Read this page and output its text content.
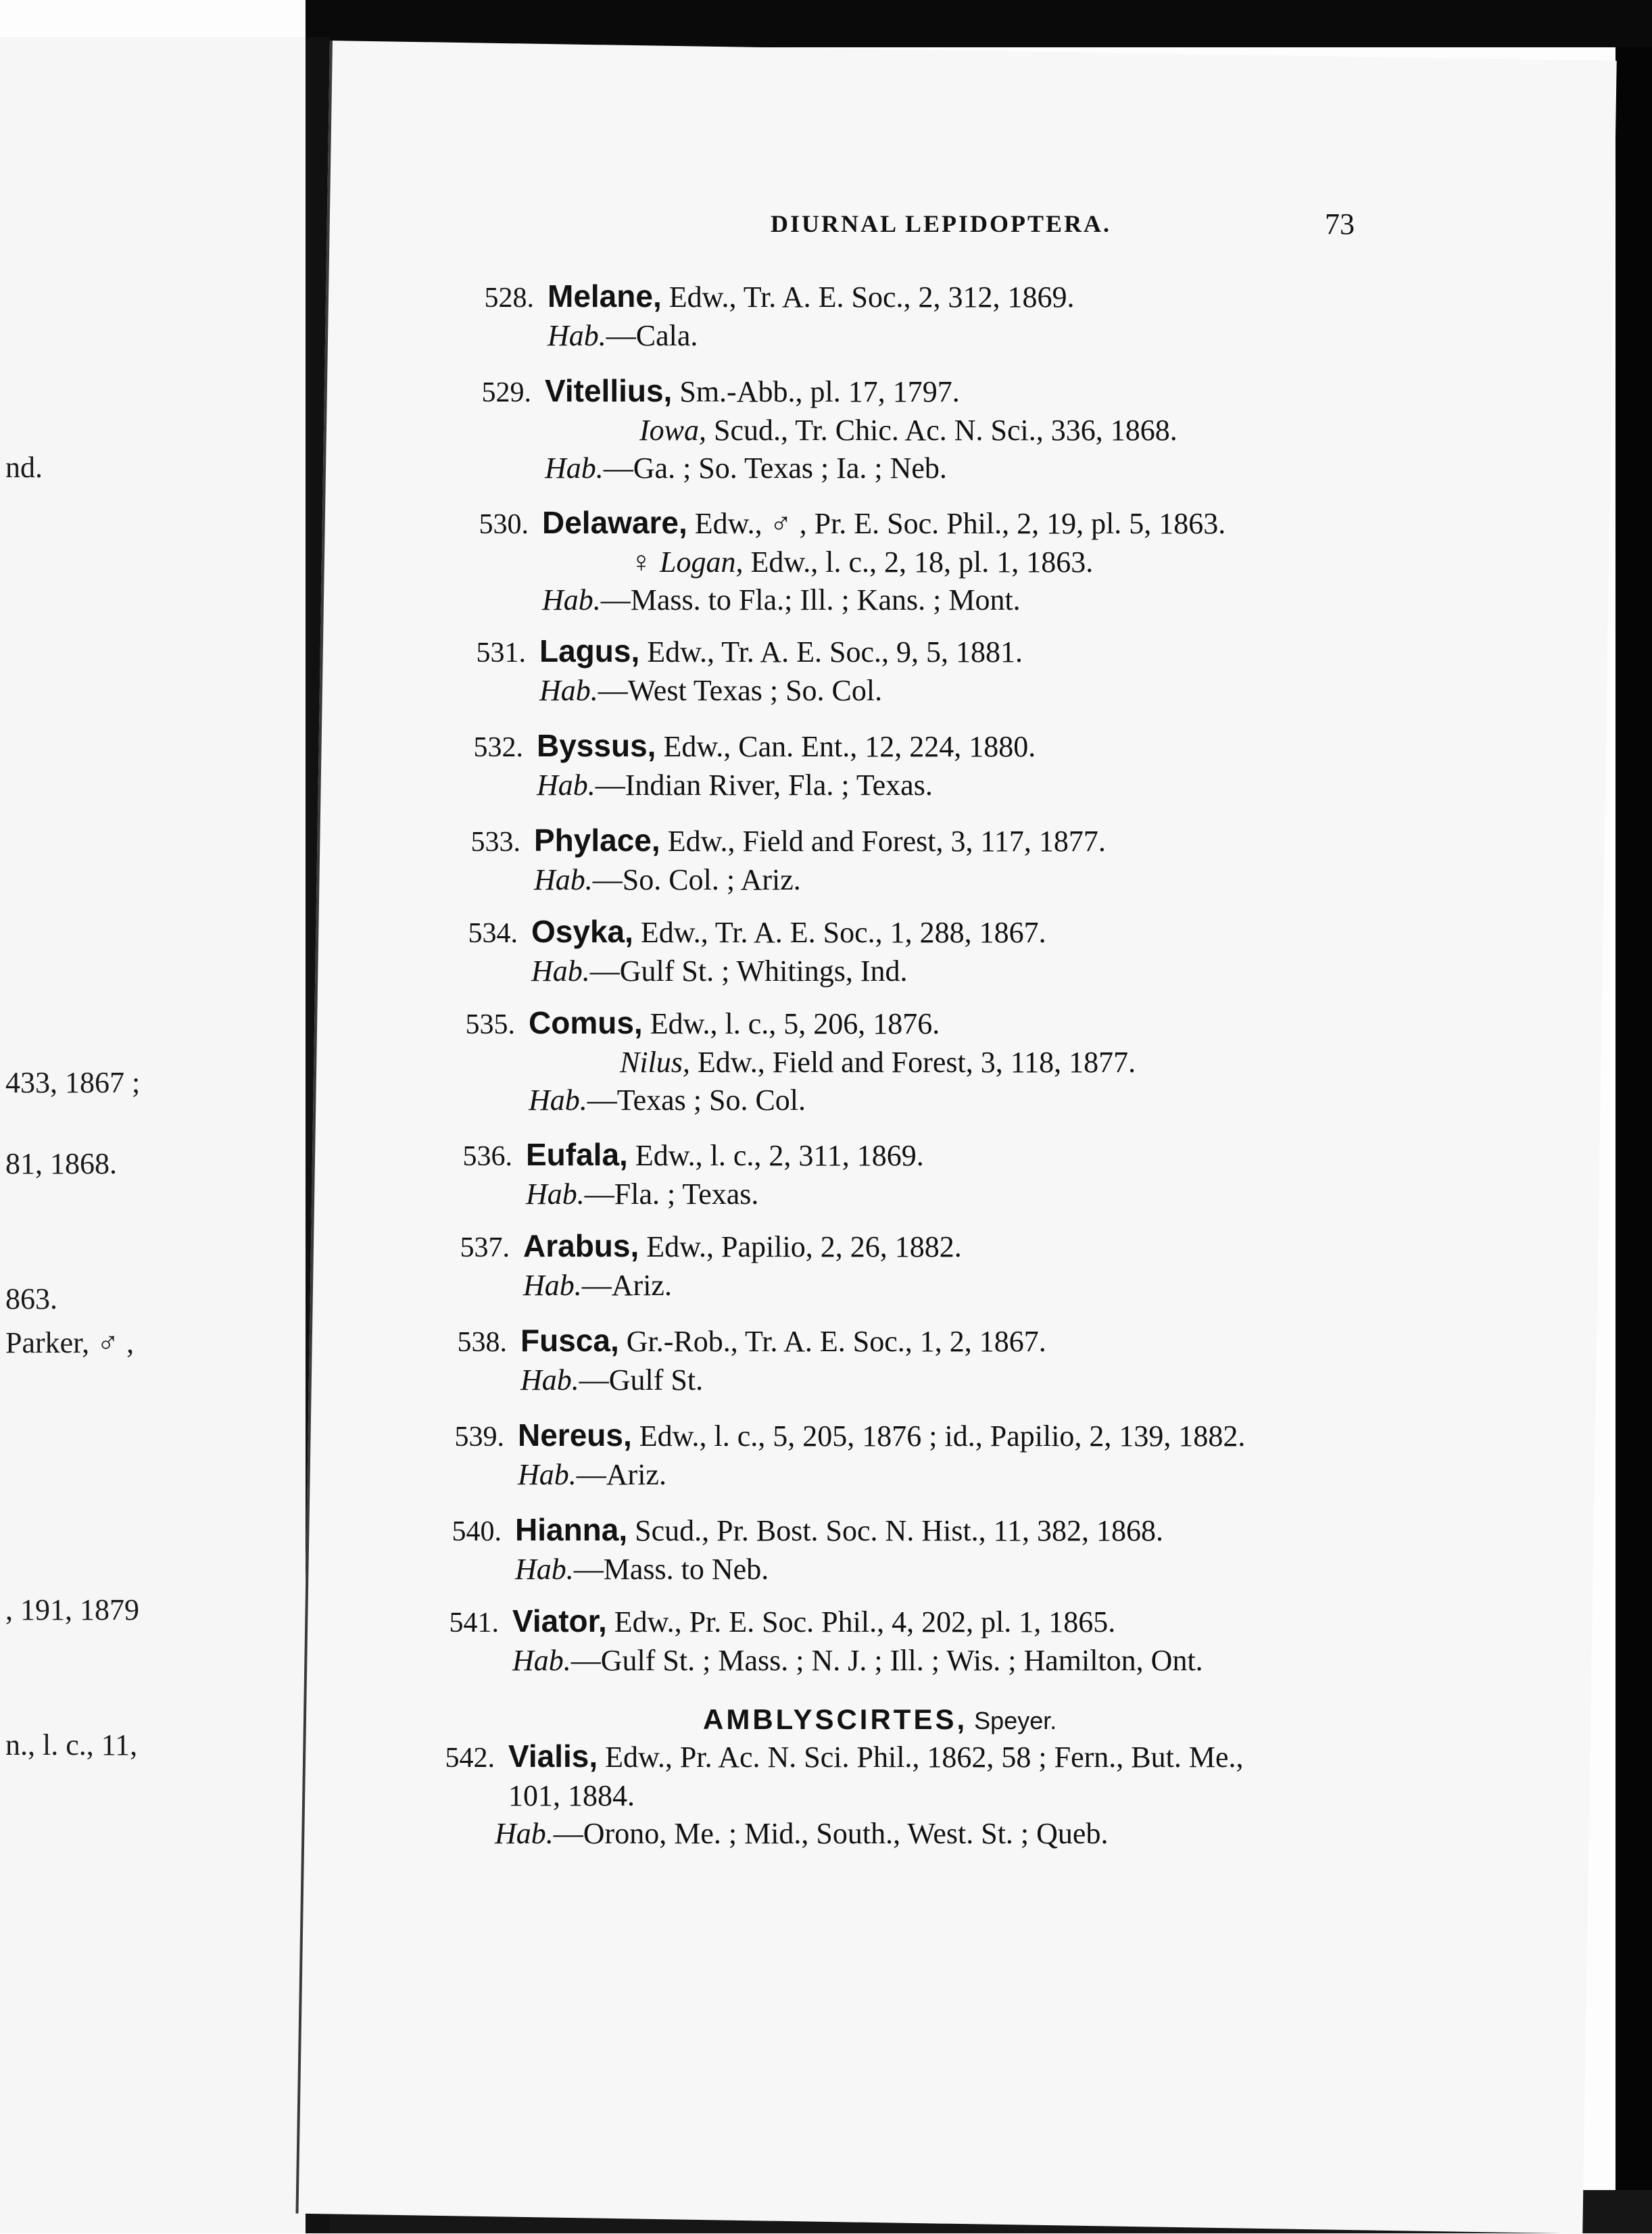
nd.
433, 1867 ;
81, 1868.
863.
Parker, ♂ ,
, 191, 1879
n., l. c., 11,
DIURNAL LEPIDOPTERA.	73
528. Melane, Edw., Tr. A. E. Soc., 2, 312, 1869.
Hab.—Cala.
529. Vitellius, Sm.-Abb., pl. 17, 1797.
Iowa, Scud., Tr. Chic. Ac. N. Sci., 336, 1868.
Hab.—Ga. ; So. Texas ; Ia. ; Neb.
530. Delaware, Edw., ♂ , Pr. E. Soc. Phil., 2, 19, pl. 5, 1863.
♀ Logan, Edw., l. c., 2, 18, pl. 1, 1863.
Hab.—Mass. to Fla.; Ill. ; Kans. ; Mont.
531. Lagus, Edw., Tr. A. E. Soc., 9, 5, 1881.
Hab.—West Texas ; So. Col.
532. Byssus, Edw., Can. Ent., 12, 224, 1880.
Hab.—Indian River, Fla. ; Texas.
533. Phylace, Edw., Field and Forest, 3, 117, 1877.
Hab.—So. Col. ; Ariz.
534. Osyka, Edw., Tr. A. E. Soc., 1, 288, 1867.
Hab.—Gulf St. ; Whitings, Ind.
535. Comus, Edw., l. c., 5, 206, 1876.
Nilus, Edw., Field and Forest, 3, 118, 1877.
Hab.—Texas ; So. Col.
536. Eufala, Edw., l. c., 2, 311, 1869.
Hab.—Fla. ; Texas.
537. Arabus, Edw., Papilio, 2, 26, 1882.
Hab.—Ariz.
538. Fusca, Gr.-Rob., Tr. A. E. Soc., 1, 2, 1867.
Hab.—Gulf St.
539. Nereus, Edw., l. c., 5, 205, 1876 ; id., Papilio, 2, 139, 1882.
Hab.—Ariz.
540. Hianna, Scud., Pr. Bost. Soc. N. Hist., 11, 382, 1868.
Hab.—Mass. to Neb.
541. Viator, Edw., Pr. E. Soc. Phil., 4, 202, pl. 1, 1865.
Hab.—Gulf St. ; Mass. ; N. J. ; Ill. ; Wis. ; Hamilton, Ont.
AMBLYSCIRTES, Speyer.
542. Vialis, Edw., Pr. Ac. N. Sci. Phil., 1862, 58 ; Fern., But. Me.,
101, 1884.
Hab.—Orono, Me. ; Mid., South., West. St. ; Queb.
